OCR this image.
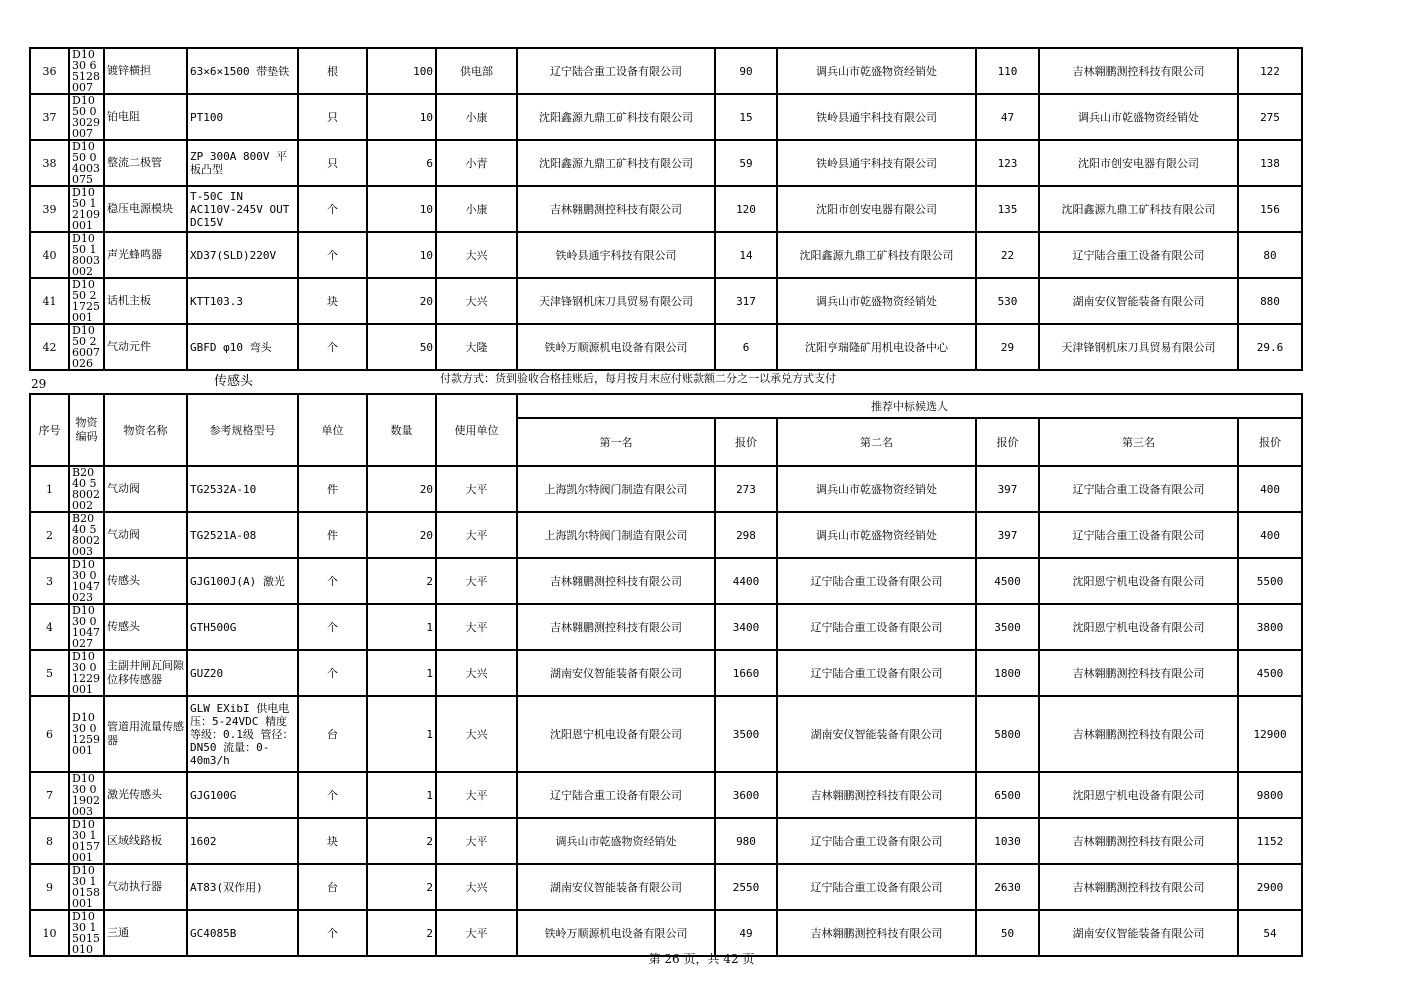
36	D1030 65128 007	镀锌横担	63×6×1500 带垫铁	根	100	供电部	辽宁陆合重工设备有限公司	90	调兵山市乾盛物资经销处	110	吉林翱鹏测控科技有限公司	122
37	D1050 03029 007	铂电阻	PT100	只	10	小康	沈阳鑫源九鼎工矿科技有限公司	15	铁岭县通宇科技有限公司	47	调兵山市乾盛物资经销处	275
38	D1050 04003 075	整流二极管	ZP 300A 800V 平板凸型	只	6	小青	沈阳鑫源九鼎工矿科技有限公司	59	铁岭县通宇科技有限公司	123	沈阳市创安电器有限公司	138
39	D1050 12109 001	稳压电源模块	T-50C IN AC110V-245V OUT DC15V	个	10	小康	吉林翱鹏测控科技有限公司	120	沈阳市创安电器有限公司	135	沈阳鑫源九鼎工矿科技有限公司	156
40	D1050 18003 002	声光蜂鸣器	XD37(SLD)220V	个	10	大兴	铁岭县通宇科技有限公司	14	沈阳鑫源九鼎工矿科技有限公司	22	辽宁陆合重工设备有限公司	80
41	D1050 21725 001	话机主板	KTT103.3	块	20	大兴	天津锋钢机床刀具贸易有限公司	317	调兵山市乾盛物资经销处	530	湖南安仪智能装备有限公司	880
42	D1050 26007 026	气动元件	GBFD φ10 弯头	个	50	大隆	铁岭万顺源机电设备有限公司	6	沈阳亨瑞隆矿用机电设备中心	29	天津锋钢机床刀具贸易有限公司	29.6
29	传感头	付款方式：货到验收合格挂账后，每月按月末应付账款额二分之一以承兑方式支付
序号	物资编码	物资名称	参考规格型号	单位	数量	使用单位	推荐中标候选人					
							第一名	报价	第二名	报价	第三名	报价
1	B2040 58002 002	气动阀	TG2532A-10	件	20	大平	上海凯尔特阀门制造有限公司	273	调兵山市乾盛物资经销处	397	辽宁陆合重工设备有限公司	400
2	B2040 58002 003	气动阀	TG2521A-08	件	20	大平	上海凯尔特阀门制造有限公司	298	调兵山市乾盛物资经销处	397	辽宁陆合重工设备有限公司	400
3	D1030 01047 023	传感头	GJG100J(A) 激光	个	2	大平	吉林翱鹏测控科技有限公司	4400	辽宁陆合重工设备有限公司	4500	沈阳恩宁机电设备有限公司	5500
4	D1030 01047 027	传感头	GTH500G	个	1	大平	吉林翱鹏测控科技有限公司	3400	辽宁陆合重工设备有限公司	3500	沈阳恩宁机电设备有限公司	3800
5	D1030 01229 001	主副井闸瓦间隙位移传感器	GUZ20	个	1	大兴	湖南安仪智能装备有限公司	1660	辽宁陆合重工设备有限公司	1800	吉林翱鹏测控科技有限公司	4500
6	D1030 01259 001	管道用流量传感器	GLW EXibI 供电电压：5-24VDC 精度等级：0.1级 管径：DN50 流量：0-40m3/h	台	1	大兴	沈阳恩宁机电设备有限公司	3500	湖南安仪智能装备有限公司	5800	吉林翱鹏测控科技有限公司	12900
7	D1030 01902 003	激光传感头	GJG100G	个	1	大平	辽宁陆合重工设备有限公司	3600	吉林翱鹏测控科技有限公司	6500	沈阳恩宁机电设备有限公司	9800
8	D1030 10157 001	区域线路板	1602	块	2	大平	调兵山市乾盛物资经销处	980	辽宁陆合重工设备有限公司	1030	吉林翱鹏测控科技有限公司	1152
9	D1030 10158 001	气动执行器	AT83(双作用)	台	2	大兴	湖南安仪智能装备有限公司	2550	辽宁陆合重工设备有限公司	2630	吉林翱鹏测控科技有限公司	2900
10	D1030 15015 010	三通	GC4085B	个	2	大平	铁岭万顺源机电设备有限公司	49	吉林翱鹏测控科技有限公司	50	湖南安仪智能装备有限公司	54
第 26 页，共 42 页
